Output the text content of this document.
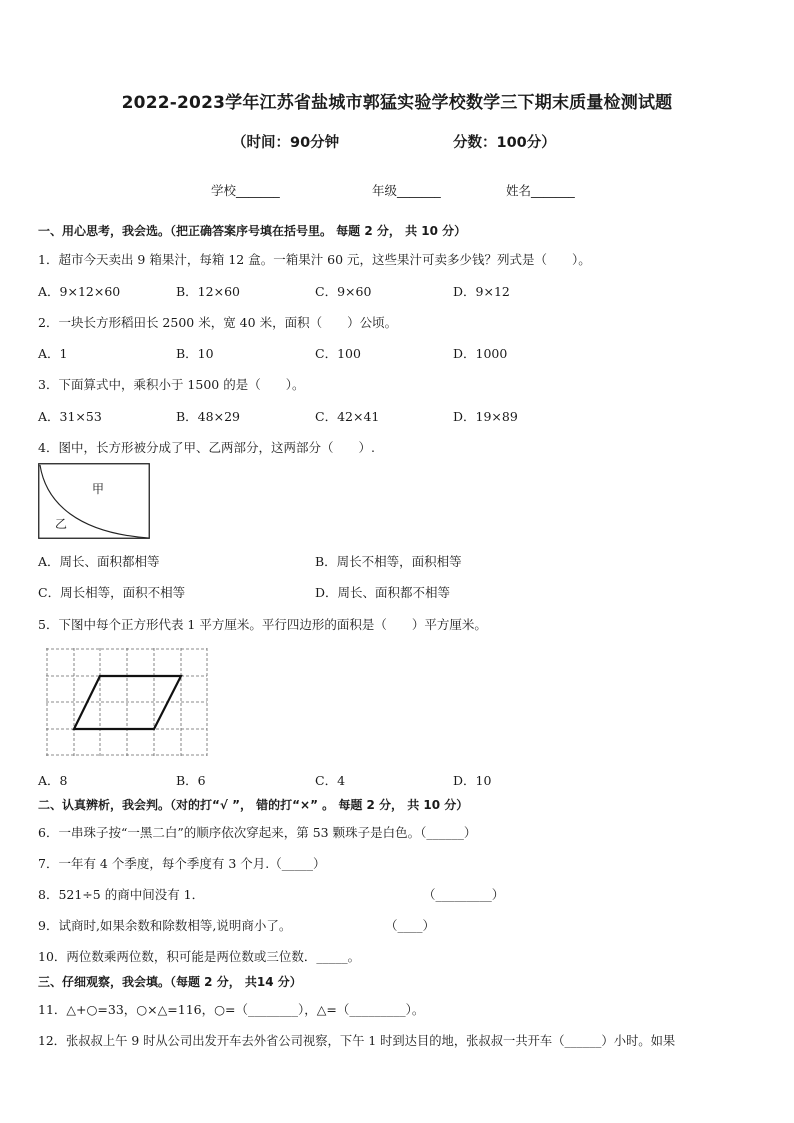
2022-2023学年江苏省盐城市郭猛实验学校数学三下期末质量检测试题
（时间：90分钟	分数：100分）
学校_______	年级_______	姓名_______
一、用心思考，我会选。（把正确答案序号填在括号里。 每题 2 分， 共 10 分）
1．超市今天卖出 9 箱果汁，每箱 12 盒。一箱果汁 60 元，这些果汁可卖多少钱？列式是（　　）。
A．9×12×60	B．12×60	C．9×60	D．9×12
2．一块长方形稻田长 2500 米，宽 40 米，面积（　　）公顷。
A．1	B．10	C．100	D．1000
3．下面算式中，乘积小于 1500 的是（　　）。
A．31×53	B．48×29	C．42×41	D．19×89
4．图中，长方形被分成了甲、乙两部分，这两部分（　　）.
甲
乙
A．周长、面积都相等	B．周长不相等，面积相等
C．周长相等，面积不相等	D．周长、面积都不相等
5．下图中每个正方形代表 1 平方厘米。平行四边形的面积是（　　）平方厘米。
A．8	B．6	C．4	D．10
二、认真辨析，我会判。（对的打“√ ”， 错的打“×” 。 每题 2 分， 共 10 分）
6．一串珠子按“一黑二白”的顺序依次穿起来，第 53 颗珠子是白色。（______）
7．一年有 4 个季度，每个季度有 3 个月.（_____）
8．521÷5 的商中间没有 1．	（_________）
9．试商时,如果余数和除数相等,说明商小了。	（____）
10．两位数乘两位数，积可能是两位数或三位数．_____。
三、仔细观察，我会填。（每题 2 分， 共14 分）
11．△+○=33，○×△=116，○=（________），△=（_________）。
12．张叔叔上午 9 时从公司出发开车去外省公司视察，下午 1 时到达目的地，张叔叔一共开车（______）小时。如果
